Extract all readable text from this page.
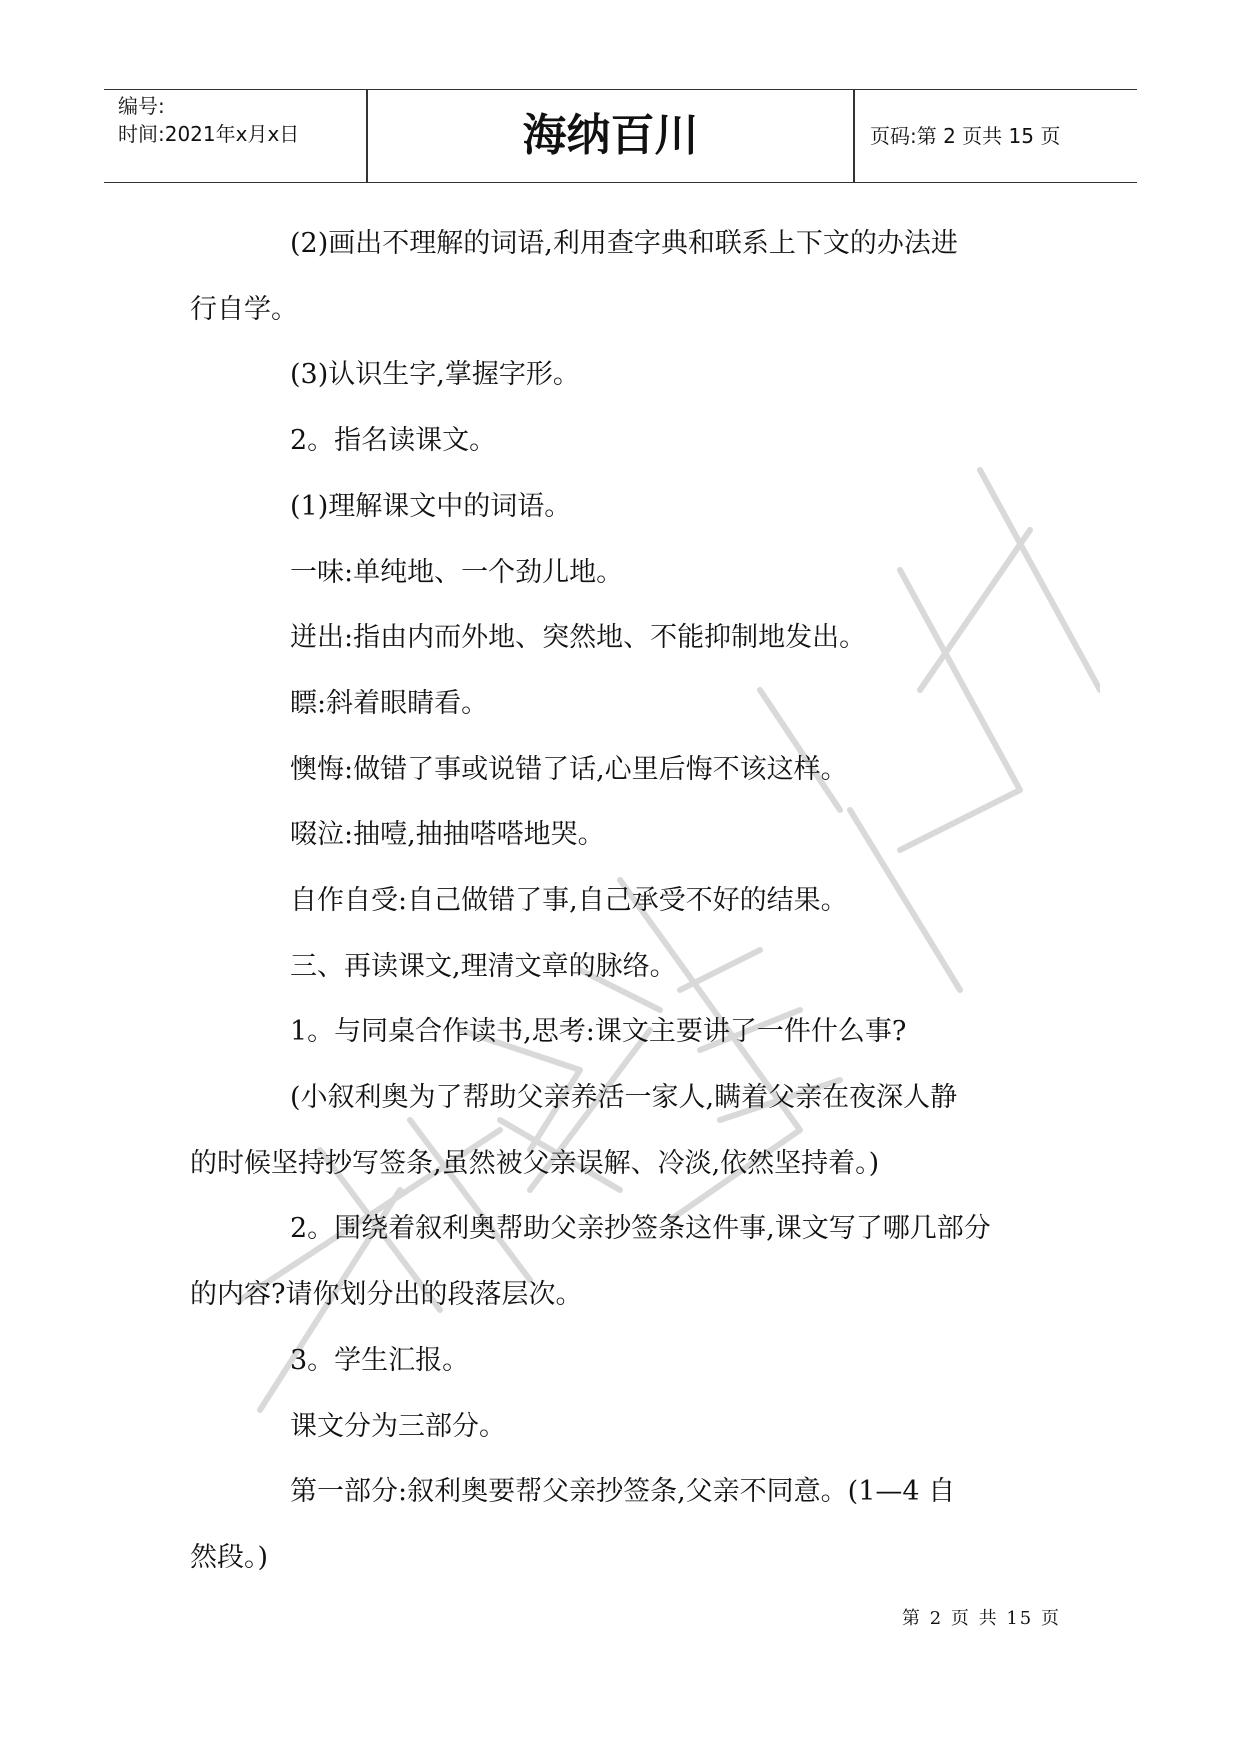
编号:
时间:2021年x月x日	海纳百川	页码:第 2 页共 15 页
(2)画出不理解的词语,利用查字典和联系上下文的办法进
行自学。
(3)认识生字,掌握字形。
2。指名读课文。
(1)理解课文中的词语。
一味:单纯地、一个劲儿地。
迸出:指由内而外地、突然地、不能抑制地发出。
瞟:斜着眼睛看。
懊悔:做错了事或说错了话,心里后悔不该这样。
啜泣:抽噎,抽抽嗒嗒地哭。
自作自受:自己做错了事,自己承受不好的结果。
三、再读课文,理清文章的脉络。
1。与同桌合作读书,思考:课文主要讲了一件什么事?
(小叙利奥为了帮助父亲养活一家人,瞒着父亲在夜深人静
的时候坚持抄写签条,虽然被父亲误解、冷淡,依然坚持着。)
2。围绕着叙利奥帮助父亲抄签条这件事,课文写了哪几部分
的内容?请你划分出的段落层次。
3。学生汇报。
课文分为三部分。
第一部分:叙利奥要帮父亲抄签条,父亲不同意。(1—4 自
然段。)
第 2 页 共 15 页
